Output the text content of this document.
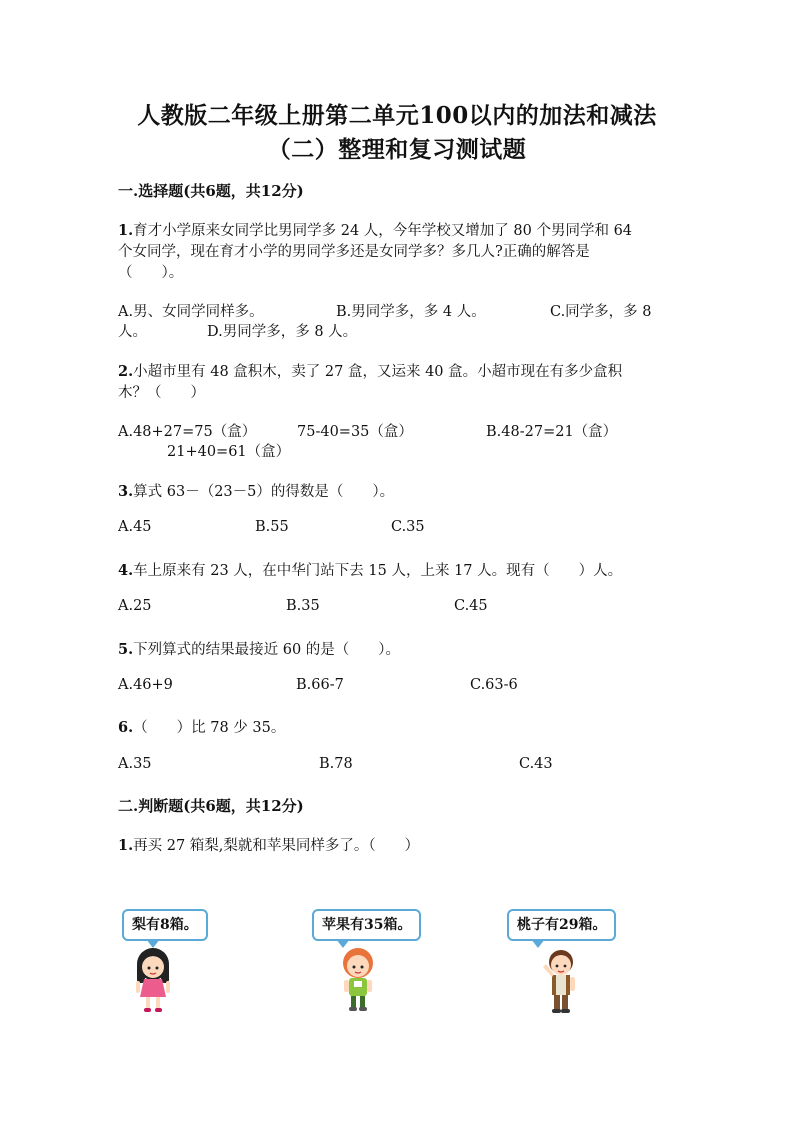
人教版二年级上册第二单元100以内的加法和减法
（二）整理和复习测试题
一.选择题(共6题，共12分)
1.育才小学原来女同学比男同学多 24 人，今年学校又增加了 80 个男同学和 64
个女同学，现在育才小学的男同学多还是女同学多？多几人?正确的解答是
（　　）。
A.男、女同学同样多。	B.男同学多，多 4 人。	C.同学多，多 8
人。	D.男同学多，多 8 人。
2.小超市里有 48 盒积木，卖了 27 盒，又运来 40 盒。小超市现在有多少盒积
木？（　　）
A.48+27=75（盒）	75-40=35（盒）	B.48-27=21（盒）
21+40=61（盒）
3.算式 63－（23－5）的得数是（　　）。
A.45	B.55	C.35
4.车上原来有 23 人，在中华门站下去 15 人，上来 17 人。现有（　　）人。
A.25	B.35	C.45
5.下列算式的结果最接近 60 的是（　　）。
A.46+9	B.66-7	C.63-6
6.（　　）比 78 少 35。
A.35	B.78	C.43
二.判断题(共6题，共12分)
1.再买 27 箱梨,梨就和苹果同样多了。（　　）
梨有8箱。	苹果有35箱。	桃子有29箱。
